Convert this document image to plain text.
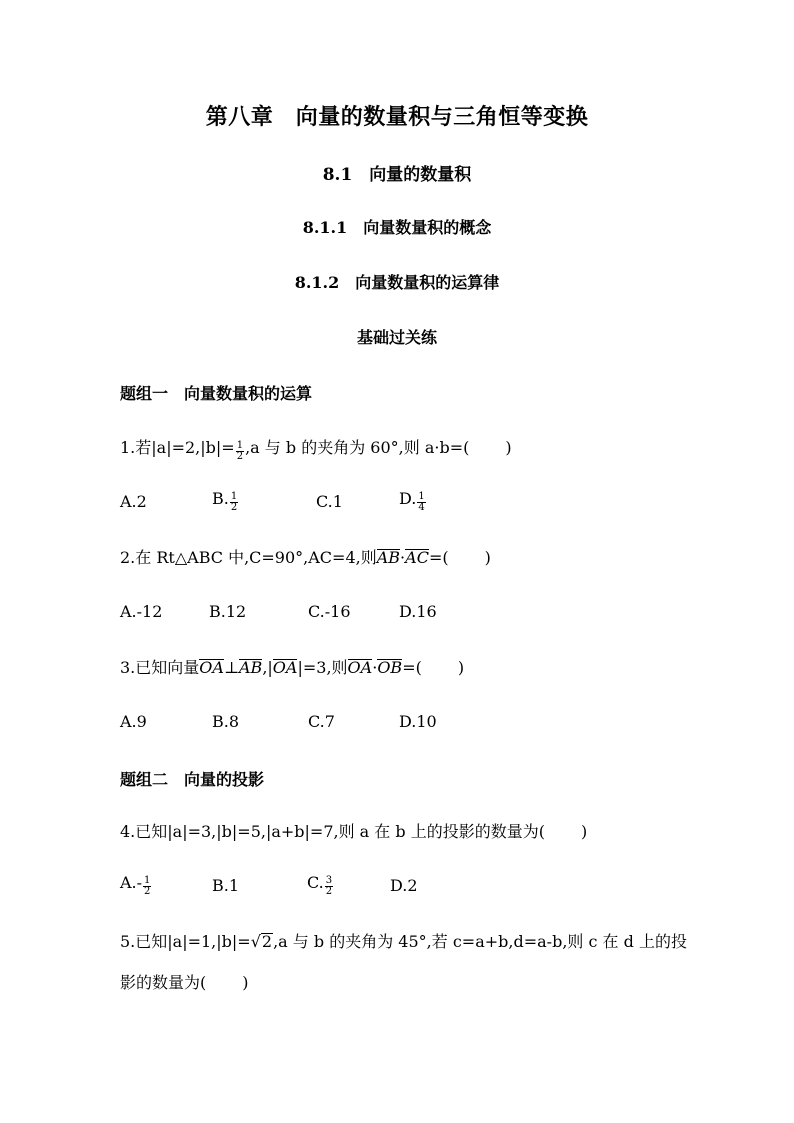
第八章　向量的数量积与三角恒等变换
8.1　向量的数量积
8.1.1　向量数量积的概念
8.1.2　向量数量积的运算律
基础过关练
题组一　向量数量积的运算
1.若$|a|=2,|b|= \frac{1}{2} ,a$ 与 b 的夹角为 60°,则 a·b=( )
A.2	B. $\frac{1}{2}$	C.1	D. $\frac{1}{4}$
2.在 Rt△ABC 中,C=90°,AC=4,则AB·AC=( )
A.-12	B.12	C.-16	D.16
3.已知向量OA⊥AB,|OA|=3,则OA·OB=( )
A.9	B.8	C.7	D.10
题组二　向量的投影
4.已知|a|=3,|b|=5,|a+b|=7,则 a 在 b 上的投影的数量为( )
$A.- \frac{1}{2}$	B.1	C. $\frac{3}{2}$	D.2
5.已知|a|=1,|b|=√2,a 与 b 的夹角为 45°,若 c=a+b,d=a-b,则 c 在 d 上的投
影的数量为( )
